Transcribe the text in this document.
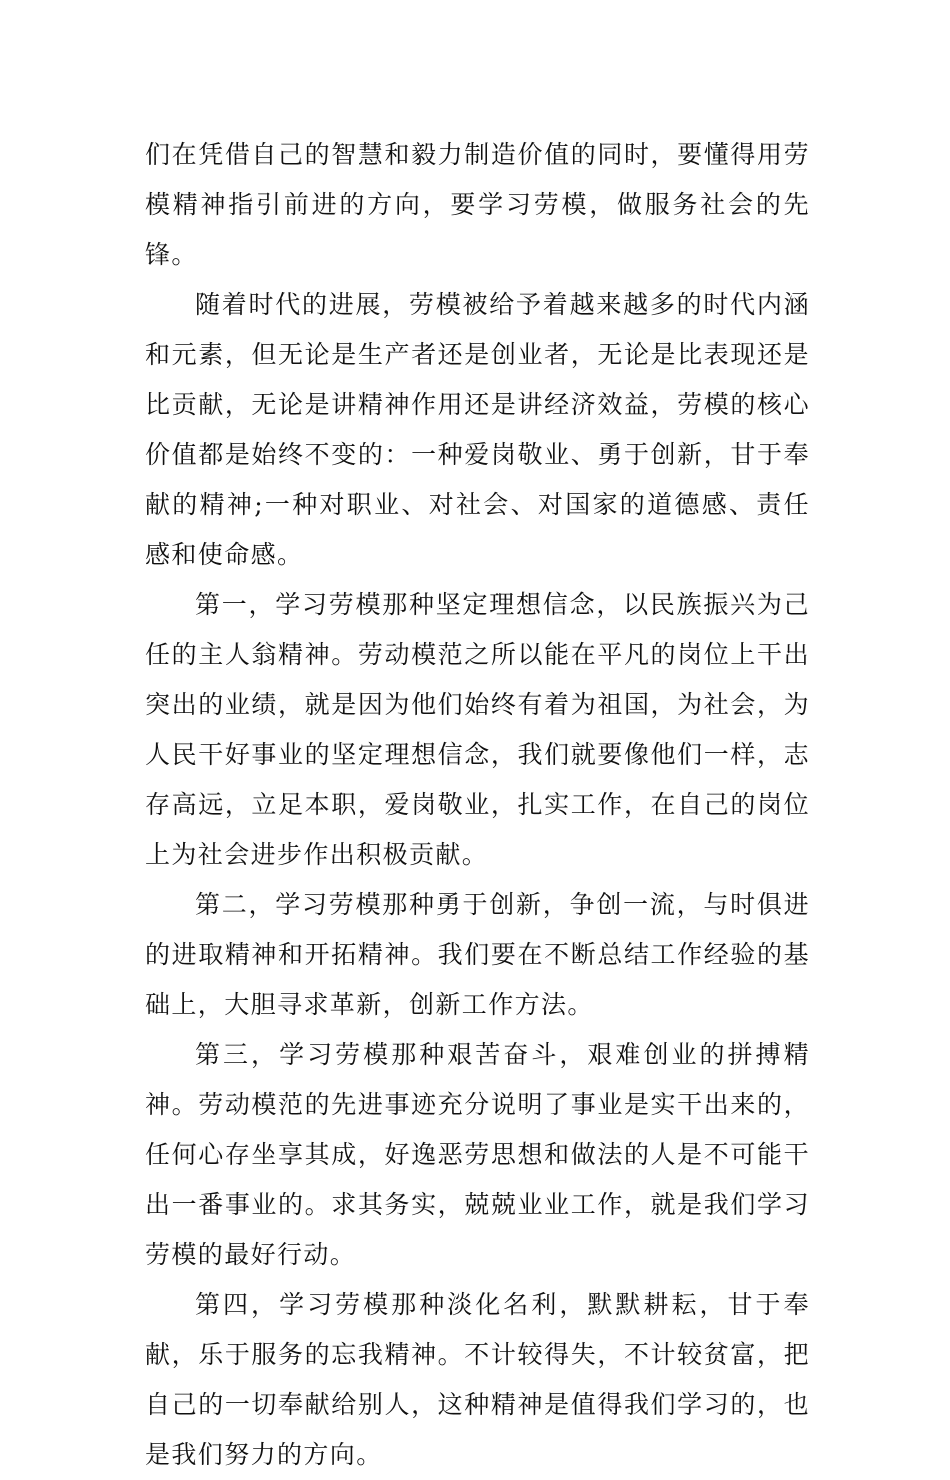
们在凭借自己的智慧和毅力制造价值的同时，要懂得用劳模精神指引前进的方向，要学习劳模，做服务社会的先锋。

随着时代的进展，劳模被给予着越来越多的时代内涵和元素，但无论是生产者还是创业者，无论是比表现还是比贡献，无论是讲精神作用还是讲经济效益，劳模的核心价值都是始终不变的：一种爱岗敬业、勇于创新，甘于奉献的精神;一种对职业、对社会、对国家的道德感、责任感和使命感。

第一，学习劳模那种坚定理想信念，以民族振兴为己任的主人翁精神。劳动模范之所以能在平凡的岗位上干出突出的业绩，就是因为他们始终有着为祖国，为社会，为人民干好事业的坚定理想信念，我们就要像他们一样，志存高远，立足本职，爱岗敬业，扎实工作，在自己的岗位上为社会进步作出积极贡献。

第二，学习劳模那种勇于创新，争创一流，与时俱进的进取精神和开拓精神。我们要在不断总结工作经验的基础上，大胆寻求革新，创新工作方法。

第三，学习劳模那种艰苦奋斗，艰难创业的拼搏精神。劳动模范的先进事迹充分说明了事业是实干出来的，任何心存坐享其成，好逸恶劳思想和做法的人是不可能干出一番事业的。求其务实，兢兢业业工作，就是我们学习劳模的最好行动。

第四，学习劳模那种淡化名利，默默耕耘，甘于奉献，乐于服务的忘我精神。不计较得失，不计较贫富，把自己的一切奉献给别人，这种精神是值得我们学习的，也是我们努力的方向。
